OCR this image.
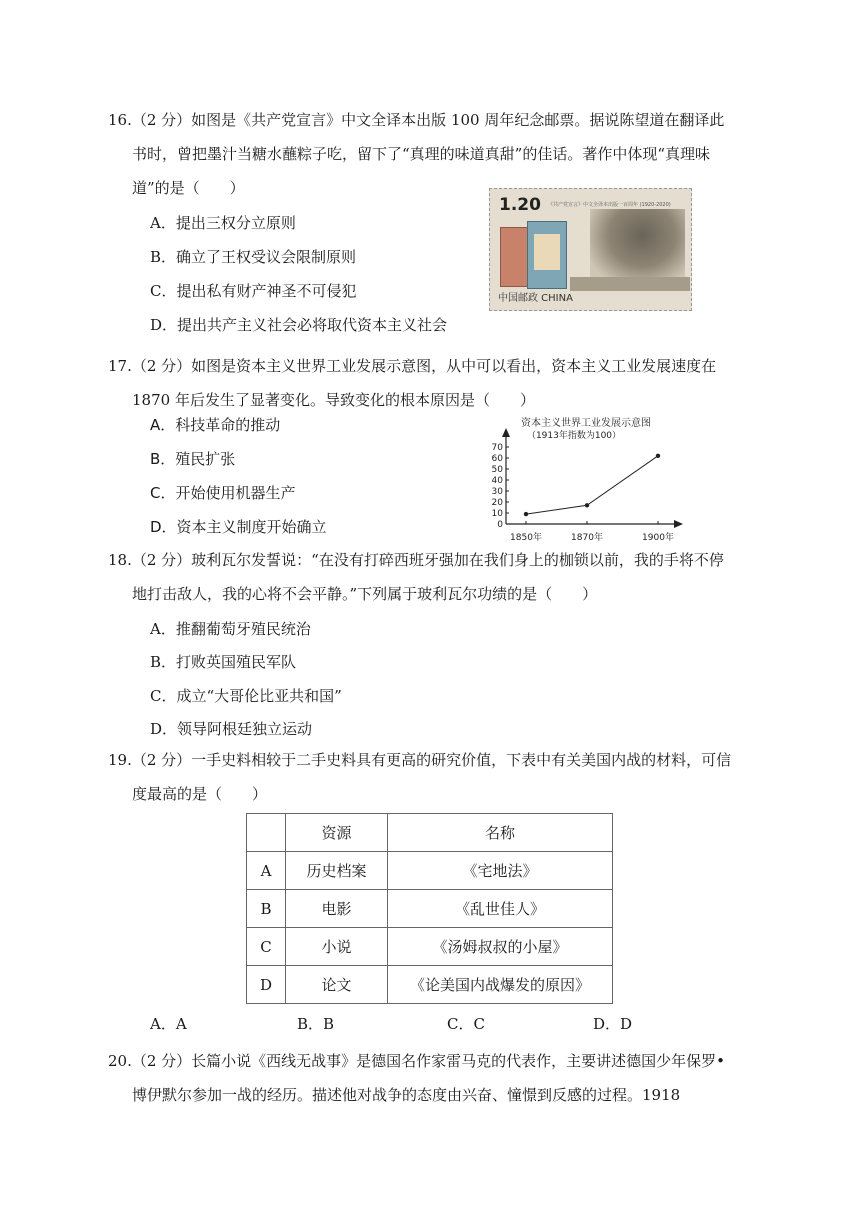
16.（2 分）如图是《共产党宣言》中文全译本出版 100 周年纪念邮票。据说陈望道在翻译此书时，曾把墨汁当糖水蘸粽子吃，留下了“真理的味道真甜”的佳话。著作中体现“真理味道”的是（　　）
A．提出三权分立原则
B．确立了王权受议会限制原则
C．提出私有财产神圣不可侵犯
D．提出共产主义社会必将取代资本主义社会
1.20 《共产党宣言》中文全译本出版一百周年 (1920-2020)
中国邮政 CHINA
17.（2 分）如图是资本主义世界工业发展示意图，从中可以看出，资本主义工业发展速度在 1870 年后发生了显著变化。导致变化的根本原因是（　　）
A．科技革命的推动
B．殖民扩张
C．开始使用机器生产
D．资本主义制度开始确立
资本主义世界工业发展示意图
（1913年指数为100）
0
10
20
30
40
50
60
70
1850年	1870年	1900年
18.（2 分）玻利瓦尔发誓说：“在没有打碎西班牙强加在我们身上的枷锁以前，我的手将不停地打击敌人，我的心将不会平静。”下列属于玻利瓦尔功绩的是（　　）
A．推翻葡萄牙殖民统治
B．打败英国殖民军队
C．成立“大哥伦比亚共和国”
D．领导阿根廷独立运动
19.（2 分）一手史料相较于二手史料具有更高的研究价值，下表中有关美国内战的材料，可信度最高的是（　　）
	资源	名称
A	历史档案	《宅地法》
B	电影	《乱世佳人》
C	小说	《汤姆叔叔的小屋》
D	论文	《论美国内战爆发的原因》
A．A	B．B	C．C	D．D
20.（2 分）长篇小说《西线无战事》是德国名作家雷马克的代表作，主要讲述德国少年保罗•博伊默尔参加一战的经历。描述他对战争的态度由兴奋、憧憬到反感的过程。1918
